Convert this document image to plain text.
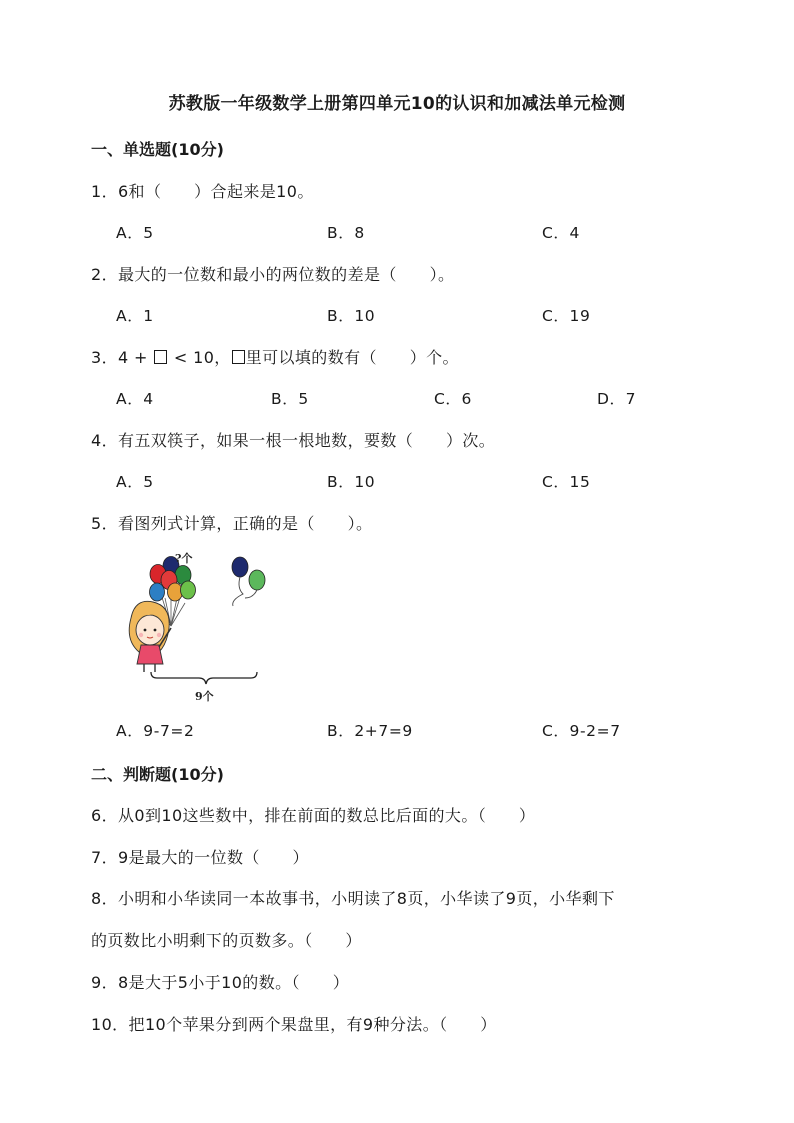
苏教版一年级数学上册第四单元10的认识和加减法单元检测
一、单选题(10分)
1．6和（　　）合起来是10。
A．5	B．8	C．4
2．最大的一位数和最小的两位数的差是（　　）。
A．1	B．10	C．19
3．4 +  < 10， 里可以填的数有（　　）个。
A．4	B．5	C．6	D．7
4．有五双筷子，如果一根一根地数，要数（　　）次。
A．5	B．10	C．15
5．看图列式计算，正确的是（　　）。
?个
9个
A．9-7=2	B．2+7=9	C．9-2=7
二、判断题(10分)
6．从0到10这些数中，排在前面的数总比后面的大。（　　）
7．9是最大的一位数（　　）
8．小明和小华读同一本故事书，小明读了8页，小华读了9页，小华剩下
的页数比小明剩下的页数多。（　　）
9．8是大于5小于10的数。（　　）
10．把10个苹果分到两个果盘里，有9种分法。（　　）
